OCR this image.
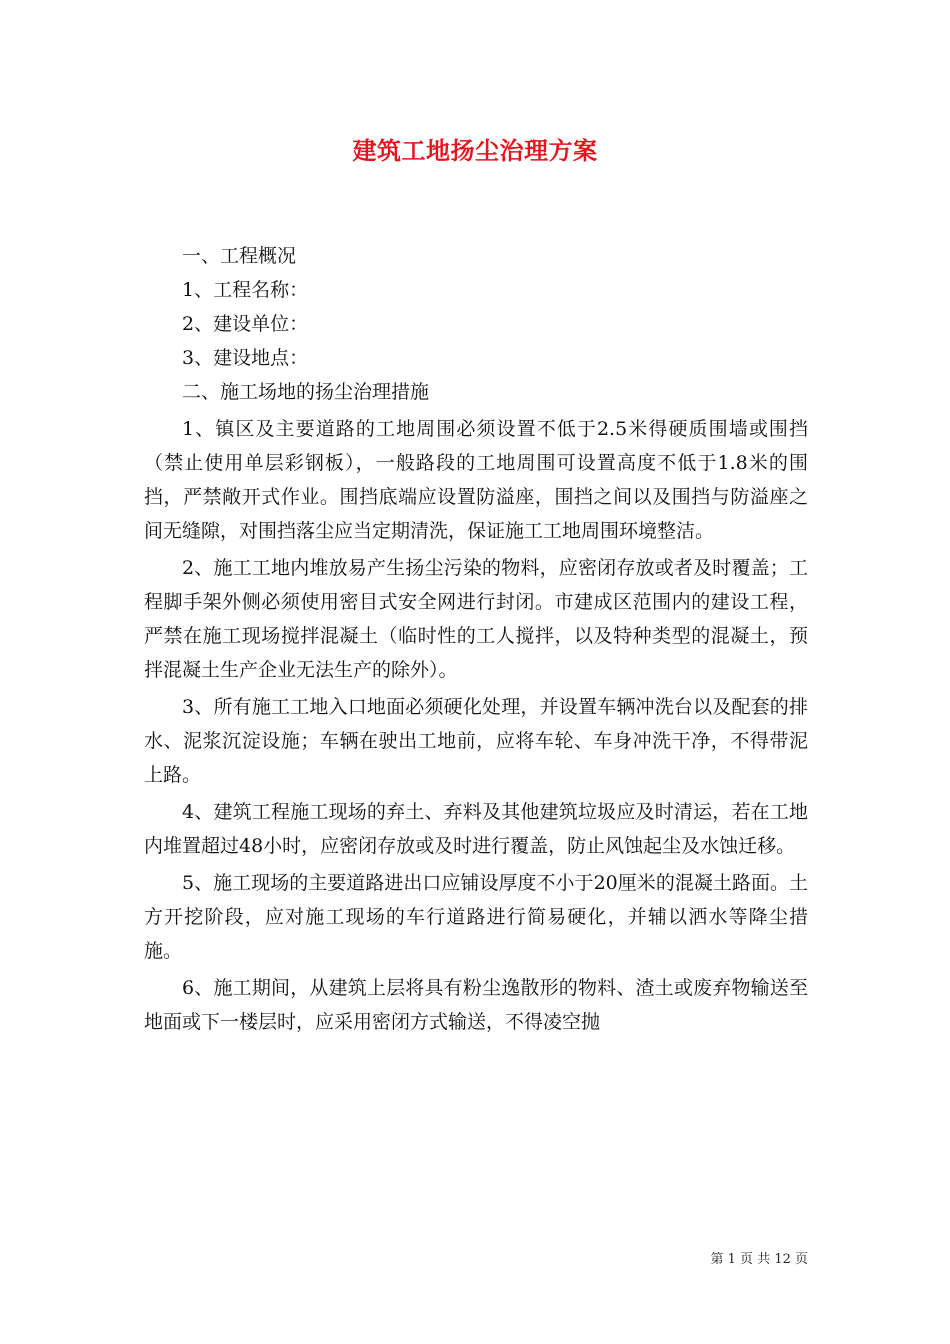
建筑工地扬尘治理方案

一、工程概况

1、工程名称：

2、建设单位：

3、建设地点：

二、施工场地的扬尘治理措施

1、镇区及主要道路的工地周围必须设置不低于2.5米得硬质围墙或围挡（禁止使用单层彩钢板），一般路段的工地周围可设置高度不低于1.8米的围挡，严禁敞开式作业。围挡底端应设置防溢座，围挡之间以及围挡与防溢座之间无缝隙，对围挡落尘应当定期清洗，保证施工工地周围环境整洁。

2、施工工地内堆放易产生扬尘污染的物料，应密闭存放或者及时覆盖；工程脚手架外侧必须使用密目式安全网进行封闭。市建成区范围内的建设工程，严禁在施工现场搅拌混凝土（临时性的工人搅拌，以及特种类型的混凝土，预拌混凝土生产企业无法生产的除外）。

3、所有施工工地入口地面必须硬化处理，并设置车辆冲洗台以及配套的排水、泥浆沉淀设施；车辆在驶出工地前，应将车轮、车身冲洗干净，不得带泥上路。

4、建筑工程施工现场的弃土、弃料及其他建筑垃圾应及时清运，若在工地内堆置超过48小时，应密闭存放或及时进行覆盖，防止风蚀起尘及水蚀迁移。

5、施工现场的主要道路进出口应铺设厚度不小于20厘米的混凝土路面。土方开挖阶段，应对施工现场的车行道路进行简易硬化，并辅以洒水等降尘措施。

6、施工期间，从建筑上层将具有粉尘逸散形的物料、渣土或废弃物输送至地面或下一楼层时，应采用密闭方式输送，不得凌空抛

第 1 页 共 12 页
